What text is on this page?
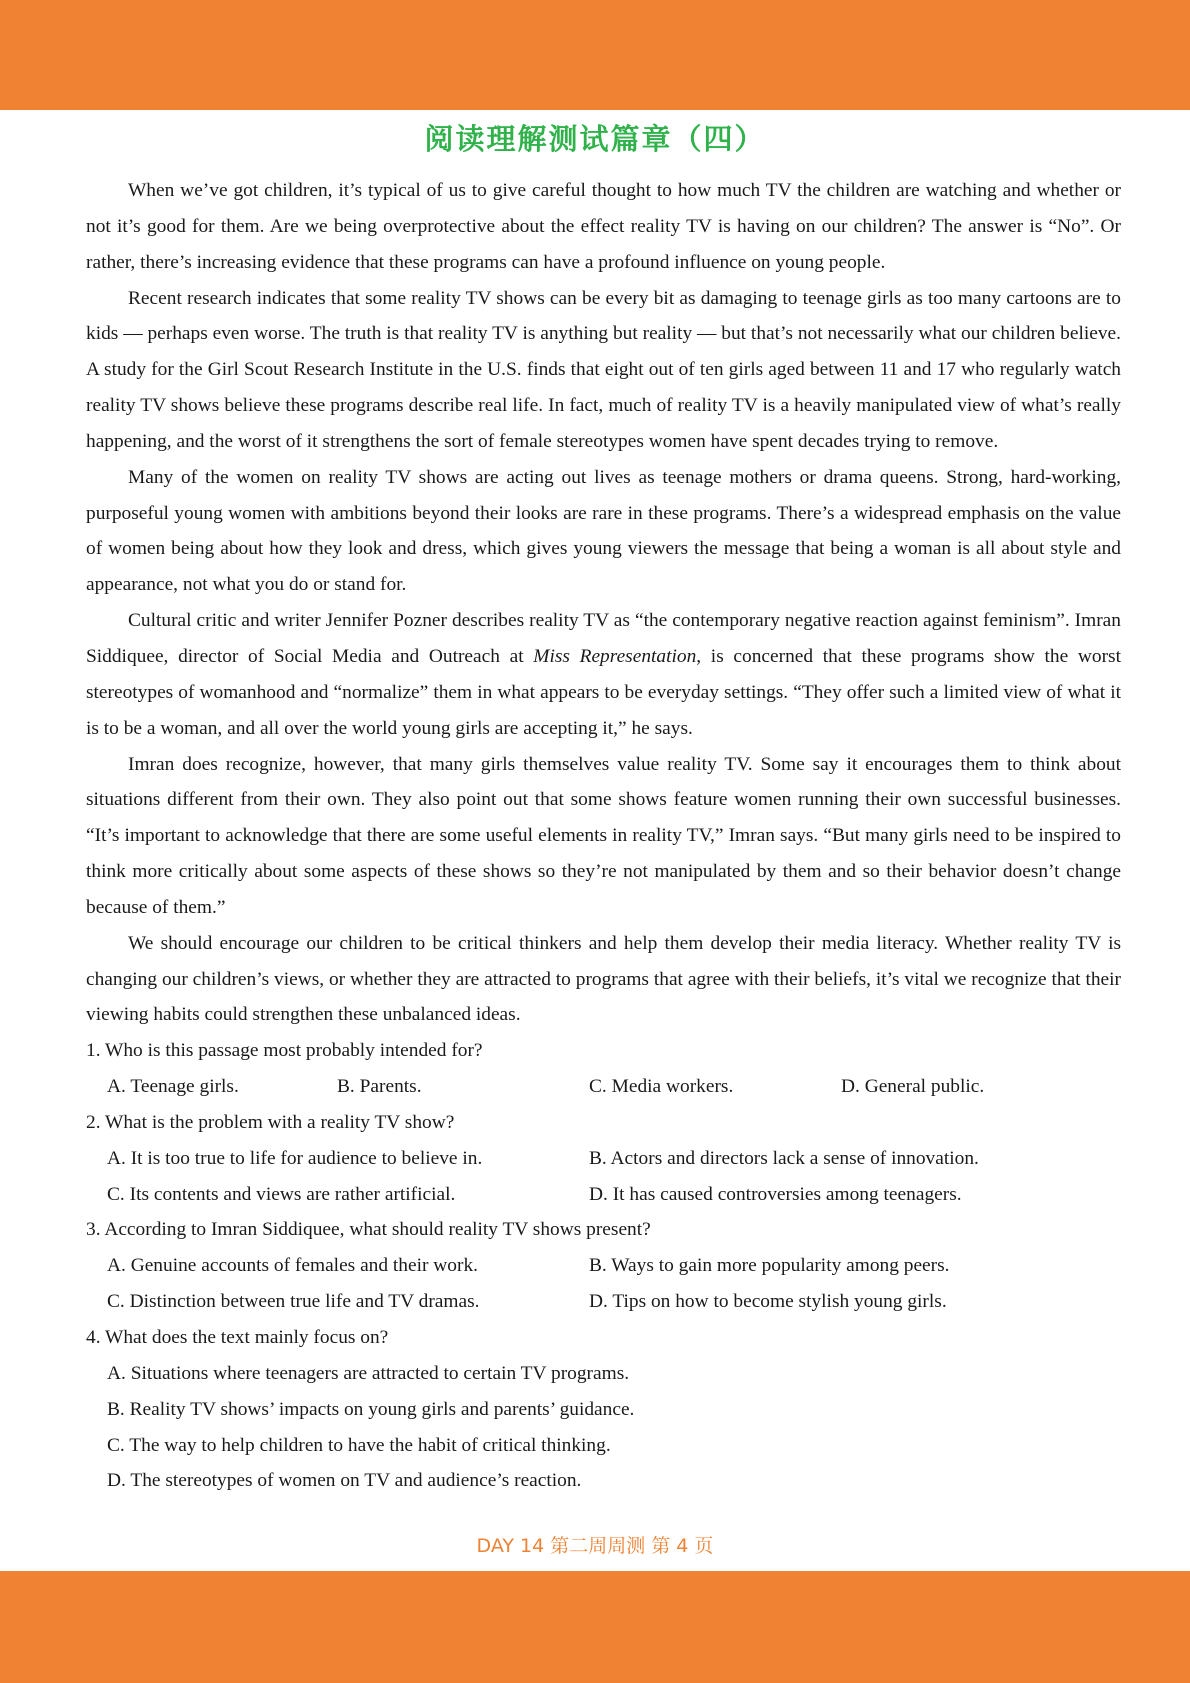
阅读理解测试篇章（四）

When we’ve got children, it’s typical of us to give careful thought to how much TV the children are watching and whether or not it’s good for them. Are we being overprotective about the effect reality TV is having on our children? The answer is “No”. Or rather, there’s increasing evidence that these programs can have a profound influence on young people.

Recent research indicates that some reality TV shows can be every bit as damaging to teenage girls as too many cartoons are to kids — perhaps even worse. The truth is that reality TV is anything but reality — but that’s not necessarily what our children believe. A study for the Girl Scout Research Institute in the U.S. finds that eight out of ten girls aged between 11 and 17 who regularly watch reality TV shows believe these programs describe real life. In fact, much of reality TV is a heavily manipulated view of what’s really happening, and the worst of it strengthens the sort of female stereotypes women have spent decades trying to remove.

Many of the women on reality TV shows are acting out lives as teenage mothers or drama queens. Strong, hard-working, purposeful young women with ambitions beyond their looks are rare in these programs. There’s a widespread emphasis on the value of women being about how they look and dress, which gives young viewers the message that being a woman is all about style and appearance, not what you do or stand for.

Cultural critic and writer Jennifer Pozner describes reality TV as “the contemporary negative reaction against feminism”. Imran Siddiquee, director of Social Media and Outreach at Miss Representation, is concerned that these programs show the worst stereotypes of womanhood and “normalize” them in what appears to be everyday settings. “They offer such a limited view of what it is to be a woman, and all over the world young girls are accepting it,” he says.

Imran does recognize, however, that many girls themselves value reality TV. Some say it encourages them to think about situations different from their own. They also point out that some shows feature women running their own successful businesses. “It’s important to acknowledge that there are some useful elements in reality TV,” Imran says. “But many girls need to be inspired to think more critically about some aspects of these shows so they’re not manipulated by them and so their behavior doesn’t change because of them.”

We should encourage our children to be critical thinkers and help them develop their media literacy. Whether reality TV is changing our children’s views, or whether they are attracted to programs that agree with their beliefs, it’s vital we recognize that their viewing habits could strengthen these unbalanced ideas.

1. Who is this passage most probably intended for?

A. Teenage girls.	B. Parents.	C. Media workers.	D. General public.

2. What is the problem with a reality TV show?

A. It is too true to life for audience to believe in.	B. Actors and directors lack a sense of innovation.
C. Its contents and views are rather artificial.	D. It has caused controversies among teenagers.

3. According to Imran Siddiquee, what should reality TV shows present?

A. Genuine accounts of females and their work.	B. Ways to gain more popularity among peers.
C. Distinction between true life and TV dramas.	D. Tips on how to become stylish young girls.

4. What does the text mainly focus on?

A. Situations where teenagers are attracted to certain TV programs.

B. Reality TV shows’ impacts on young girls and parents’ guidance.

C. The way to help children to have the habit of critical thinking.

D. The stereotypes of women on TV and audience’s reaction.

DAY 14 第二周周测 第 4 页
